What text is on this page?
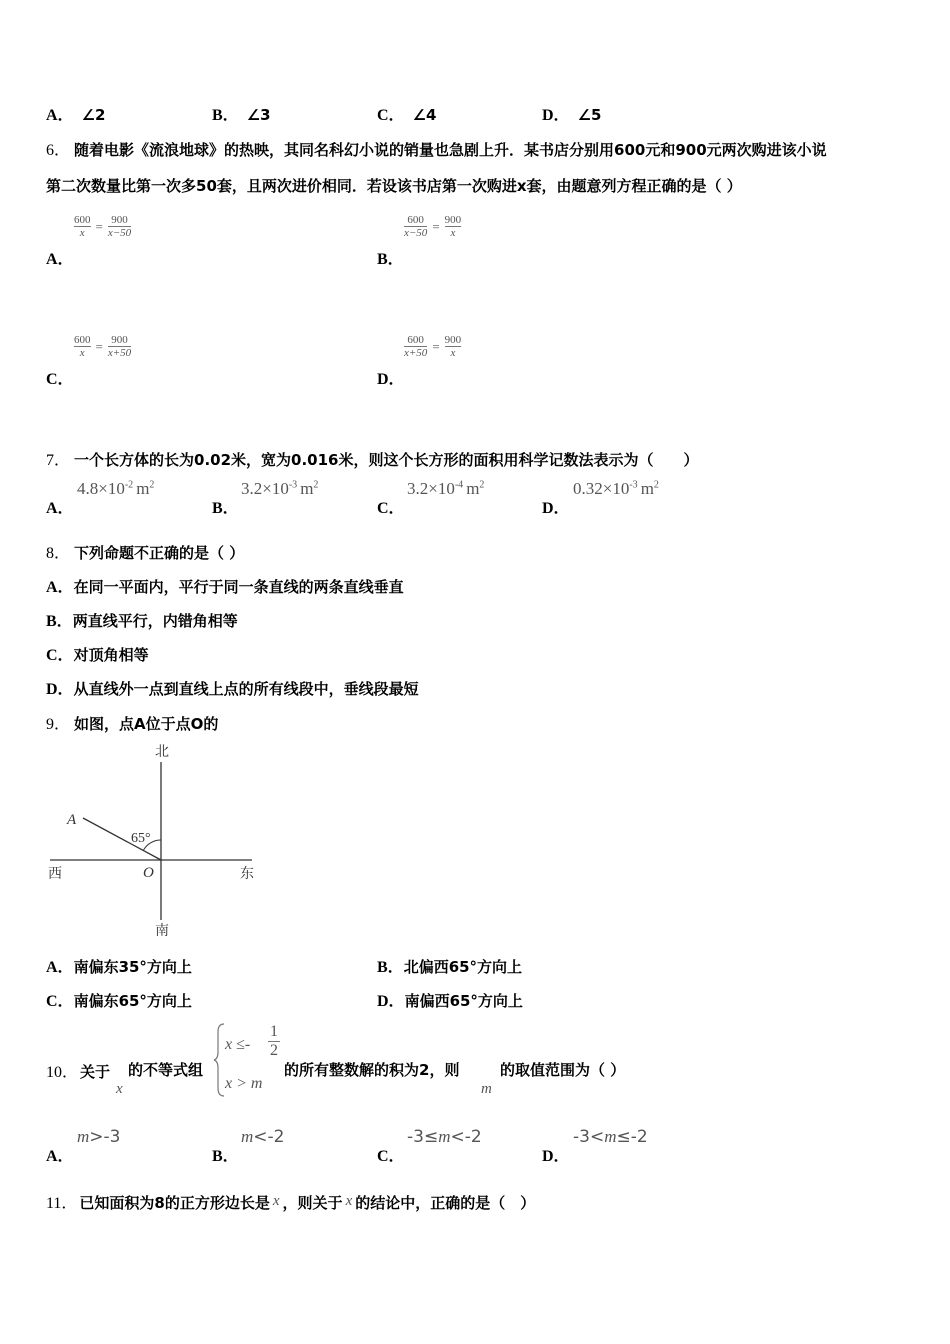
A． ∠2	B． ∠3	C． ∠4	D． ∠5
6． 随着电影《流浪地球》的热映，其同名科幻小说的销量也急剧上升．某书店分别用600元和900元两次购进该小说
第二次数量比第一次多50套，且两次进价相同．若设该书店第一次购进x套，由题意列方程正确的是（ ）
$\frac{600}{x} = \frac{900}{x-50}$
A．
$\frac{600}{x-50} = \frac{900}{x}$
B．
$\frac{600}{x} = \frac{900}{x+50}$
C．
$\frac{600}{x+50} = \frac{900}{x}$
D．
7． 一个长方体的长为0.02米，宽为0.016米，则这个长方形的面积用科学记数法表示为（　　）
A．
$4.8\times 10^{-2}$ $m^2$
B．
$3.2\times 10^{-3}$ $m^2$
C．
$3.2\times 10^{-4}$ $m^2$
D．
$0.32\times 10^{-3}$ $m^2$
8． 下列命题不正确的是（ ）
A．在同一平面内，平行于同一条直线的两条直线垂直
B．两直线平行，内错角相等
C．对顶角相等
D．从直线外一点到直线上点的所有线段中，垂线段最短
9． 如图，点A位于点O的
北
南
西	东
A
O
65°
A．南偏东35°方向上	B．北偏西65°方向上
C．南偏东65°方向上	D．南偏西65°方向上
10． 关于
x
的不等式组
x ≤-
1
2
x > m
的所有整数解的积为2，则
m
的取值范围为（ ）
A．
m>-3
B．
m<-2
C．
-3≤m<-2
D．
-3<m≤-2
11． 已知面积为8的正方形边长是 x ，则关于 x 的结论中，正确的是（　）
